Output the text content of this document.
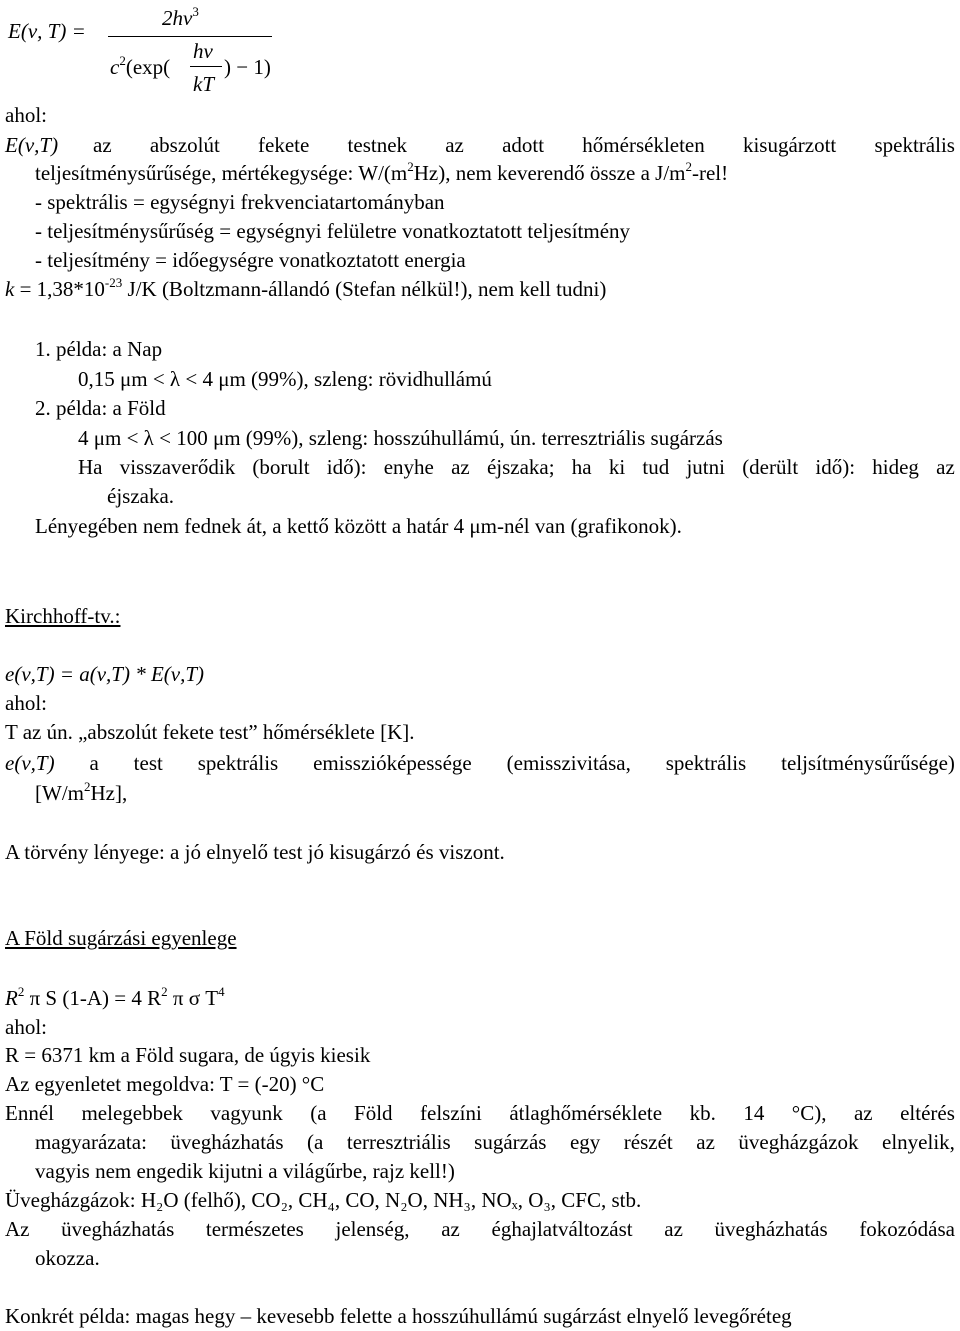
E(ν, T) =
$2h\nu^3$
$c^2(\exp$(
hν
kT
) − 1)
ahol:
E(ν,T) az abszolút fekete testnek az adott hőmérsékleten kisugárzott spektrális
teljesítménysűrűsége, mértékegysége: $W/(m^2Hz)$, nem keverendő össze a $J/m^2$-rel!
- spektrális = egységnyi frekvenciatartományban
- teljesítménysűrűség = egységnyi felületre vonatkoztatott teljesítmény
- teljesítmény = időegységre vonatkoztatott energia
$k = 1,38*10^{-23}$ J/K (Boltzmann-állandó (Stefan nélkül!), nem kell tudni)
1. példa: a Nap
0,15 μm < λ < 4 μm (99%), szleng: rövidhullámú
2. példa: a Föld
4 μm < λ < 100 μm (99%), szleng: hosszúhullámú, ún. terresztriális sugárzás
Ha visszaverődik (borult idő): enyhe az éjszaka; ha ki tud jutni (derült idő): hideg az
éjszaka.
Lényegében nem fednek át, a kettő között a határ 4 μm-nél van (grafikonok).
Kirchhoff-tv.:
e(ν,T) = a(ν,T) * E(ν,T)
ahol:
T az ún. „abszolút fekete test” hőmérséklete [K].
e(ν,T) a test spektrális emisszióképessége (emisszivitása, spektrális teljsítménysűrűsége)
$[W/m^2Hz]$,
A törvény lényege: a jó elnyelő test jó kisugárzó és viszont.
A Föld sugárzási egyenlege
$R^2$ π S (1-A) = 4 $R^2$ π σ $T^4$
ahol:
R = 6371 km a Föld sugara, de úgyis kiesik
Az egyenletet megoldva: T = (-20) °C
Ennél melegebbek vagyunk (a Föld felszíni átlaghőmérséklete kb. 14 °C), az eltérés
magyarázata: üvegházhatás (a terresztriális sugárzás egy részét az üvegházgázok elnyelik,
vagyis nem engedik kijutni a világűrbe, rajz kell!)
Üvegházgázok: H₂O (felhő), CO₂, CH₄, CO, N₂O, NH₃, NOₓ, O₃, CFC, stb.
Az üvegházhatás természetes jelenség, az éghajlatváltozást az üvegházhatás fokozódása
okozza.
Konkrét példa: magas hegy – kevesebb felette a hosszúhullámú sugárzást elnyelő levegőréteg
